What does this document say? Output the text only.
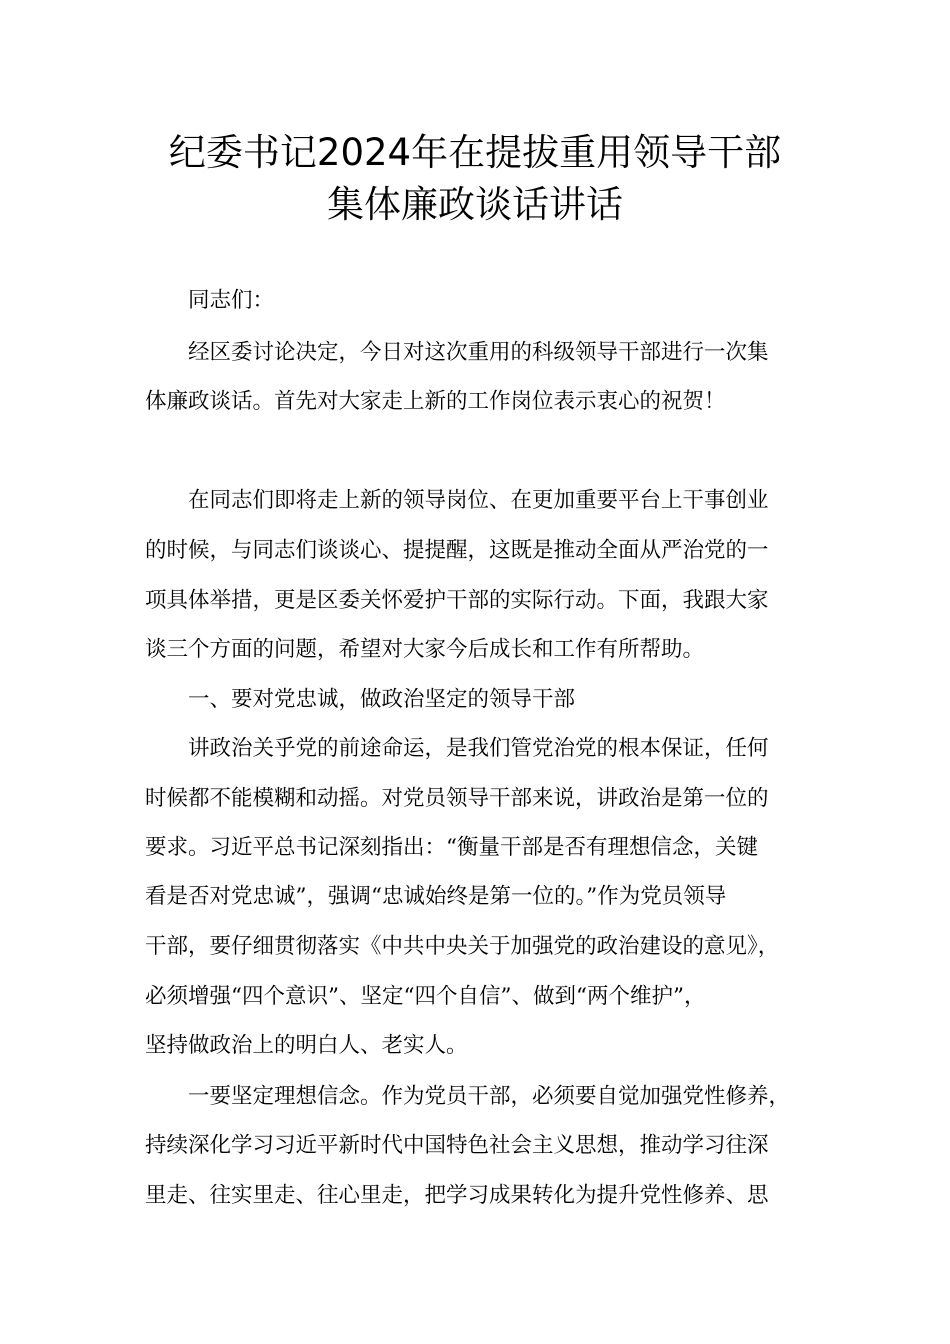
纪委书记2024年在提拔重用领导干部
集体廉政谈话讲话
　　同志们：
　　经区委讨论决定，今日对这次重用的科级领导干部进行一次集
体廉政谈话。首先对大家走上新的工作岗位表示衷心的祝贺！
　　在同志们即将走上新的领导岗位、在更加重要平台上干事创业
的时候，与同志们谈谈心、提提醒，这既是推动全面从严治党的一
项具体举措，更是区委关怀爱护干部的实际行动。下面，我跟大家
谈三个方面的问题，希望对大家今后成长和工作有所帮助。
　　一、要对党忠诚，做政治坚定的领导干部
　　讲政治关乎党的前途命运，是我们管党治党的根本保证，任何
时候都不能模糊和动摇。对党员领导干部来说，讲政治是第一位的
要求。习近平总书记深刻指出：“衡量干部是否有理想信念，关键
看是否对党忠诚”，强调“忠诚始终是第一位的。”作为党员领导
干部，要仔细贯彻落实《中共中央关于加强党的政治建设的意见》，
必须增强“四个意识”、坚定“四个自信”、做到“两个维护”，
坚持做政治上的明白人、老实人。
　　一要坚定理想信念。作为党员干部，必须要自觉加强党性修养，
持续深化学习习近平新时代中国特色社会主义思想，推动学习往深
里走、往实里走、往心里走，把学习成果转化为提升党性修养、思
